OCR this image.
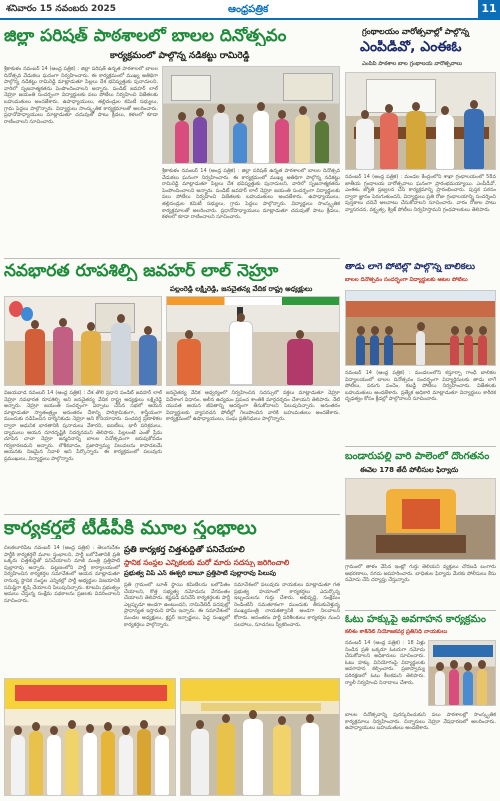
శనివారం 15 నవంబరు 2025	ఆంధ్రపత్రిక	11
జిల్లా పరిషత్ పాఠశాలలో బాలల దినోత్సవం
కార్యక్రమంలో పాల్గొన్న నడికట్టు రామిరెడ్డి
శ్రీకాకుళం నవంబర్ 14 (ఆంధ్ర పత్రిక) : జిల్లా పరిషత్ ఉన్నత పాఠశాలలో బాలల దినోత్సవ వేడుకలు ఘనంగా నిర్వహించారు. ఈ కార్యక్రమంలో ముఖ్య అతిథిగా పాల్గొన్న నడికట్టు రామిరెడ్డి మాట్లాడుతూ పిల్లలు దేశ భవిష్యత్తుకు పునాదులని, వారిలో సృజనాత్మకతను పెంపొందించాలని అన్నారు. పండిట్ జవహర్ లాల్ నెహ్రూ జయంతి సందర్భంగా విద్యార్థులకు పలు పోటీలు నిర్వహించి విజేతలకు బహుమతులు అందజేశారు. ఉపాధ్యాయులు, తల్లిదండ్రుల కమిటీ సభ్యులు, గ్రామ పెద్దలు పాల్గొన్నారు. విద్యార్థులు సాంస్కృతిక కార్యక్రమాలతో అలరించారు. ప్రధానోపాధ్యాయులు మాట్లాడుతూ చదువుతో పాటు క్రీడలు, కళలలో కూడా రాణించాలని సూచించారు.
శ్రీకాకుళం నవంబర్ 14 (ఆంధ్ర పత్రిక) : జిల్లా పరిషత్ ఉన్నత పాఠశాలలో బాలల దినోత్సవ వేడుకలు ఘనంగా నిర్వహించారు. ఈ కార్యక్రమంలో ముఖ్య అతిథిగా పాల్గొన్న నడికట్టు రామిరెడ్డి మాట్లాడుతూ పిల్లలు దేశ భవిష్యత్తుకు పునాదులని, వారిలో సృజనాత్మకతను పెంపొందించాలని అన్నారు. పండిట్ జవహర్ లాల్ నెహ్రూ జయంతి సందర్భంగా విద్యార్థులకు పలు పోటీలు నిర్వహించి విజేతలకు బహుమతులు అందజేశారు. ఉపాధ్యాయులు, తల్లిదండ్రుల కమిటీ సభ్యులు, గ్రామ పెద్దలు పాల్గొన్నారు. విద్యార్థులు సాంస్కృతిక కార్యక్రమాలతో అలరించారు. ప్రధానోపాధ్యాయులు మాట్లాడుతూ చదువుతో పాటు క్రీడలు, కళలలో కూడా రాణించాలని సూచించారు.
గ్రంథాలయం వారోత్సవాల్లో పాల్గొన్న
ఎంపీడీవో, ఎంఈఓ
ఎంపీపీ పాఠశాల బాల గ్రంథాలయ వారోత్సవాలు
నవంబర్ 14 (ఆంధ్ర పత్రిక) : మండల కేంద్రంలోని శాఖా గ్రంథాలయంలో 58వ జాతీయ గ్రంథాలయ వారోత్సవాలు ఘనంగా ప్రారంభమయ్యాయి. ఎంపీడీవో, ఎంఈఓ జ్యోతి ప్రజ్వలన చేసి కార్యక్రమాన్ని ప్రారంభించారు. పుస్తక పఠనం ద్వారా జ్ఞానం పెరుగుతుందని, విద్యార్థులు ప్రతి రోజు గ్రంథాలయాన్ని సందర్శించి పుస్తకాలు చదివే అలవాటు చేసుకోవాలని సూచించారు. వారం రోజుల పాటు వ్యాసరచన, వక్తృత్వ, క్విజ్ పోటీలు నిర్వహిస్తామని గ్రంథపాలకులు తెలిపారు.
తాడు లాగే పోటీల్లో పాల్గొన్న బాలికలు
బాలల దినోత్సవం సందర్భంగా విద్యార్థులకు ఆటల పోటీలు
నవంబర్ 14 (ఆంధ్ర పత్రిక) : మండలంలోని కస్తూర్బా గాంధీ బాలికల విద్యాలయంలో బాలల దినోత్సవం సందర్భంగా విద్యార్థినులకు తాడు లాగే పోటీలు, పరుగు పందెం, కబడ్డీ పోటీలు నిర్వహించారు. విజేతలకు బహుమతులు అందజేశారు. ప్రత్యేక అధికారి మాట్లాడుతూ విద్యార్థులు శారీరక దృఢత్వం కోసం క్రీడల్లో పాల్గొనాలని సూచించారు.
నవభారత రూపశిల్పి జవహర్ లాల్ నెహ్రూ
పల్లంరెడ్డి లక్ష్మిరెడ్డి, జనచైతన్య వేదిక రాష్ట్ర అధ్యక్షులు
విజయవాడ నవంబర్ 14 (ఆంధ్ర పత్రిక) : దేశ తొలి ప్రధాని పండిట్ జవహర్ లాల్ నెహ్రూ నవభారత రూపశిల్పి అని జనచైతన్య వేదిక రాష్ట్ర అధ్యక్షులు లక్ష్మిరెడ్డి అన్నారు. నెహ్రూ జయంతి సందర్భంగా ఏర్పాటు చేసిన సభలో ఆయన మాట్లాడుతూ స్వాతంత్ర్యం అనంతరం దేశాన్ని పారిశ్రామికంగా, శాస్త్రీయంగా ముందుకు నడిపించిన దార్శనికుడు నెహ్రూ అని కొనియాడారు. పంచవర్ష ప్రణాళికల ద్వారా ఆధునిక భారతానికి పునాదులు వేశారని, ఐఐటీలు, భారీ పరిశ్రమలు, డ్యాములు ఆయన దూరదృష్టికి నిదర్శనమని తెలిపారు. పిల్లలంటే ఎంతో ప్రేమ చూపిన చాచా నెహ్రూ జన్మదినాన్ని బాలల దినోత్సవంగా జరుపుకోవడం గర్వకారణమని అన్నారు. లౌకికవాదం, ప్రజాస్వామ్య విలువలను కాపాడటమే ఆయనకు నిజమైన నివాళి అని పేర్కొన్నారు. ఈ కార్యక్రమంలో పలువురు ప్రముఖులు, విద్యార్థులు పాల్గొన్నారు.
జనచైతన్య వేదిక ఆధ్వర్యంలో నిర్వహించిన సదస్సులో వక్తలు మాట్లాడుతూ నెహ్రూ విదేశాంగ విధానం, అలీన ఉద్యమం ప్రపంచ శాంతికి మార్గదర్శనం చేశాయని తెలిపారు. నేటి యువత ఆయన జీవితాన్ని ఆదర్శంగా తీసుకోవాలని పిలుపునిచ్చారు. అనంతరం విద్యార్థులకు వ్యాసరచన పోటీల్లో గెలుపొందిన వారికి బహుమతులు అందజేశారు. కార్యక్రమంలో ఉపాధ్యాయులు, సంఘ ప్రతినిధులు పాల్గొన్నారు.
బండారుపల్లి వారి పాలెంలో దొంగతనం
ఈవెల 178 తేదీ పోలీసుల ఫిర్యాదు
గ్రామంలో తాళం వేసిన ఇంట్లో గుర్తు తెలియని వ్యక్తులు చొరబడి బంగారు ఆభరణాలు, నగదు అపహరించారు. బాధితుల ఫిర్యాదు మేరకు పోలీసులు కేసు నమోదు చేసి దర్యాప్తు చేస్తున్నారు.
కార్యకర్తలే టీడీపీకి మూల స్తంభాలు
ప్రతి కార్యకర్త చిత్తశుద్ధితో పనిచేయాలి
స్థానిక సంస్థల ఎన్నికలకు మరో మారు సదస్సు జరిగించాలి
ప్రభుత్వ విప్ ఎన్ ఈశ్వరి బాబూ ప్రత్తిపాటి పుల్లారావు పిలుపు
చిలకలూరిపేట నవంబర్ 14 (ఆంధ్ర పత్రిక) : తెలుగుదేశం పార్టీకి కార్యకర్తలే మూల స్తంభాలని, పార్టీ బలోపేతానికి ప్రతి ఒక్కరు చిత్తశుద్ధితో పనిచేయాలని మాజీ మంత్రి ప్రత్తిపాటి పుల్లారావు అన్నారు. పట్టణంలోని పార్టీ కార్యాలయంలో నిర్వహించిన కార్యకర్తల సమావేశంలో ఆయన మాట్లాడుతూ రానున్న స్థానిక సంస్థల ఎన్నికల్లో పార్టీ అభ్యర్థుల విజయానికి సమిష్టిగా కృషి చేయాలని పిలుపునిచ్చారు. కూటమి ప్రభుత్వం అమలు చేస్తున్న సంక్షేమ పథకాలను ప్రజలకు వివరించాలని సూచించారు.
ప్రతి గ్రామంలో బూత్ స్థాయి కమిటీలను బలోపేతం చేయాలని, కొత్త సభ్యత్వ నమోదును వేగవంతం చేయాలని తెలిపారు. కష్టపడి పనిచేసే కార్యకర్తలకు పార్టీ ఎల్లప్పుడూ అండగా ఉంటుందని, నామినేటెడ్ పదవుల్లో ప్రాధాన్యత ఇస్తామని హామీ ఇచ్చారు. ఈ సమావేశంలో మండల అధ్యక్షులు, క్లస్టర్ ఇన్చార్జులు, పెద్ద సంఖ్యలో కార్యకర్తలు పాల్గొన్నారు.
సమావేశంలో పలువురు నాయకులు మాట్లాడుతూ గత ప్రభుత్వ హయాంలో కార్యకర్తలు ఎదుర్కొన్న ఇబ్బందులను గుర్తు చేశారు. అభివృద్ధి, సంక్షేమం రెండింటినీ సమతూకంగా ముందుకు తీసుకువెళ్తున్న ముఖ్యమంత్రి నాయకత్వానికి అండగా నిలవాలని కోరారు. అనంతరం పార్టీ పరిశీలకులు కార్యకర్తల నుంచి సలహాలు, సూచనలు స్వీకరించారు.	ఓటు హక్కుపై అవగాహన కార్యక్రమం
కలిశం కాకినేట్ నియోజకవర్గ ప్రతినిధి నాయకులు
నవంబర్ 14 (ఆంధ్ర పత్రిక) : 18 ఏళ్లు నిండిన ప్రతి ఒక్కరూ ఓటరుగా నమోదు చేసుకోవాలని అధికారులు సూచించారు. ఓటు హక్కు వినియోగంపై విద్యార్థులకు అవగాహన కల్పించారు. ప్రజాస్వామ్య పరిరక్షణలో ఓటు కీలకమని తెలిపారు. ర్యాలీ నిర్వహించి నినాదాలు చేశారు.
బాలల దినోత్సవాన్ని పురస్కరించుకుని పలు పాఠశాలల్లో సాంస్కృతిక కార్యక్రమాలు నిర్వహించారు. చిన్నారులు నెహ్రూ వేషధారణలో అలరించారు. ఉపాధ్యాయులు బహుమతులు అందజేశారు.
